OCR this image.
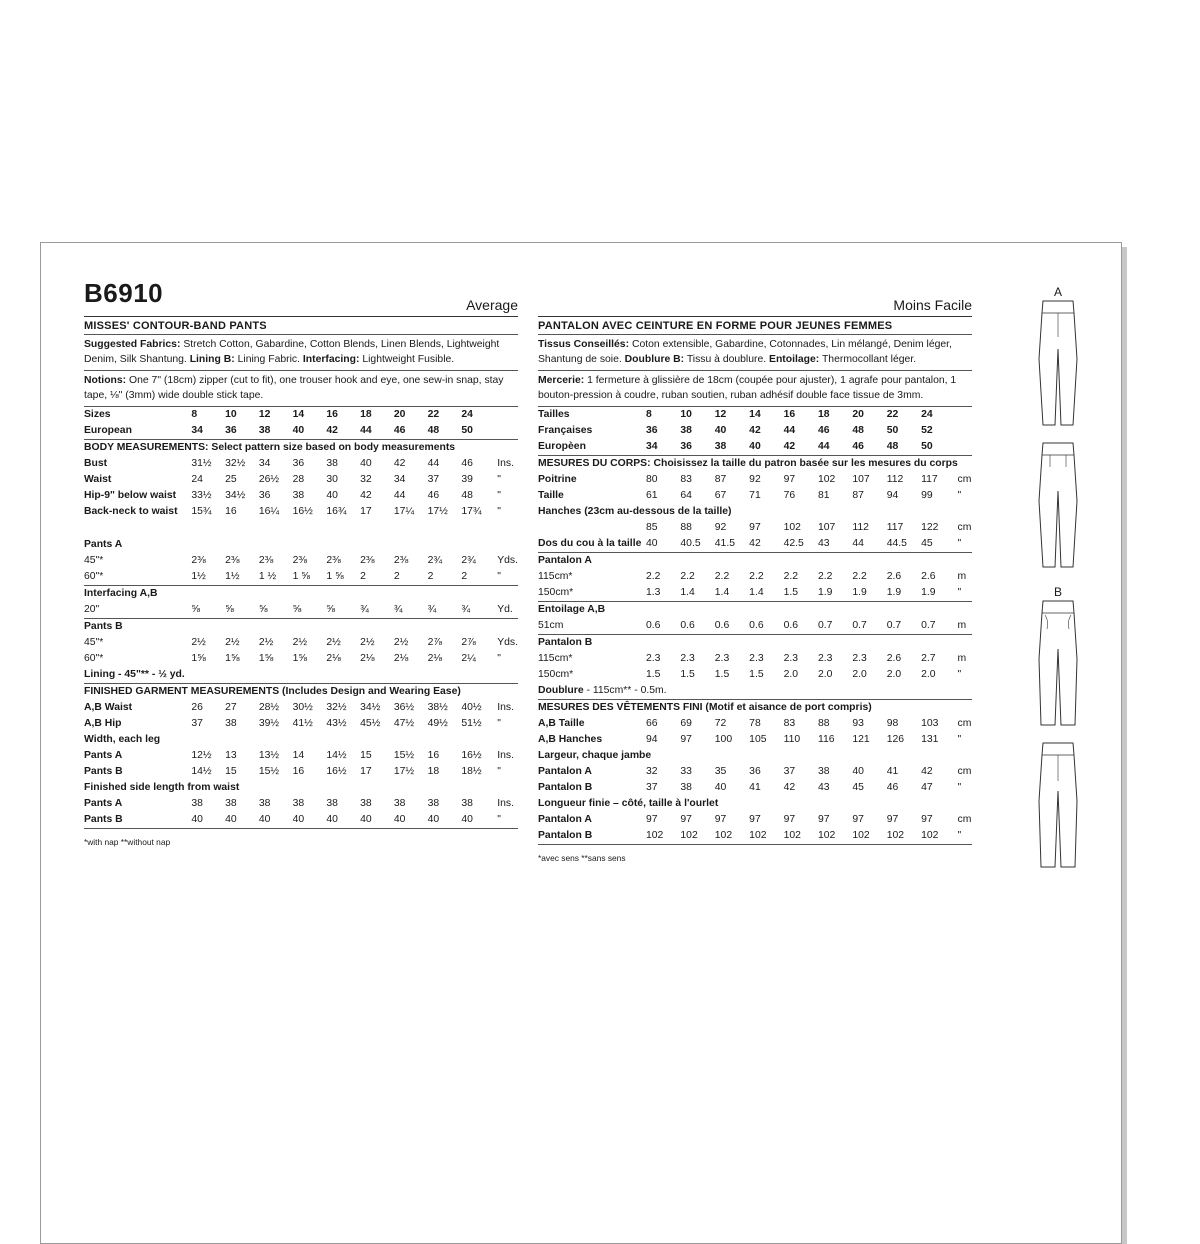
B6910	Average
MISSES' CONTOUR-BAND PANTS
Suggested Fabrics: Stretch Cotton, Gabardine, Cotton Blends, Linen Blends, Lightweight Denim, Silk Shantung. Lining B: Lining Fabric. Interfacing: Lightweight Fusible.
Notions: One 7" (18cm) zipper (cut to fit), one trouser hook and eye, one sew-in snap, stay tape, ⅛" (3mm) wide double stick tape.
Sizes	8	10	12	14	16	18	20	22	24	
European	34	36	38	40	42	44	46	48	50	
BODY MEASUREMENTS: Select pattern size based on body measurements										
Bust	31½	32½	34	36	38	40	42	44	46	Ins.
Waist	24	25	26½	28	30	32	34	37	39	"
Hip-9" below waist	33½	34½	36	38	40	42	44	46	48	"
Back-neck to waist	15¾	16	16¼	16½	16¾	17	17¼	17½	17¾	"

Pants A										
45"*	2⅜	2⅜	2⅜	2⅜	2⅜	2⅜	2⅜	2¾	2¾	Yds.
60"*	1½	1½	1 ½	1 ⅝	1 ⅝	2	2	2	2	"
Interfacing A,B										
20"	⅝	⅝	⅝	⅝	⅝	¾	¾	¾	¾	Yd.
Pants B										
45"*	2½	2½	2½	2½	2½	2½	2½	2⅞	2⅞	Yds.
60"*	1⅝	1⅝	1⅝	1⅝	2⅛	2⅛	2⅛	2⅛	2¼	"
Lining - 45"** - ½ yd.										
FINISHED GARMENT MEASUREMENTS (Includes Design and Wearing Ease)										
A,B Waist	26	27	28½	30½	32½	34½	36½	38½	40½	Ins.
A,B Hip	37	38	39½	41½	43½	45½	47½	49½	51½	"
Width, each leg										
Pants A	12½	13	13½	14	14½	15	15½	16	16½	Ins.
Pants B	14½	15	15½	16	16½	17	17½	18	18½	"
Finished side length from waist										
Pants A	38	38	38	38	38	38	38	38	38	Ins.
Pants B	40	40	40	40	40	40	40	40	40	"
*with nap **without nap
Moins Facile
PANTALON AVEC CEINTURE EN FORME POUR JEUNES FEMMES
Tissus Conseillés: Coton extensible, Gabardine, Cotonnades, Lin mélangé, Denim léger, Shantung de soie. Doublure B: Tissu à doublure. Entoilage: Thermocollant léger.
Mercerie: 1 fermeture à glissière de 18cm (coupée pour ajuster), 1 agrafe pour pantalon, 1 bouton-pression à coudre, ruban soutien, ruban adhésif double face tissue de 3mm.
Tailles	8	10	12	14	16	18	20	22	24	
Françaises	36	38	40	42	44	46	48	50	52	
Europèen	34	36	38	40	42	44	46	48	50	
MESURES DU CORPS: Choisissez la taille du patron basée sur les mesures du corps										
Poitrine	80	83	87	92	97	102	107	112	117	cm
Taille	61	64	67	71	76	81	87	94	99	"
Hanches (23cm au-dessous de la taille)										
	85	88	92	97	102	107	112	117	122	cm
Dos du cou à la taille	40	40.5	41.5	42	42.5	43	44	44.5	45	"
Pantalon A										
115cm*	2.2	2.2	2.2	2.2	2.2	2.2	2.2	2.6	2.6	m
150cm*	1.3	1.4	1.4	1.4	1.5	1.9	1.9	1.9	1.9	"
Entoilage A,B										
51cm	0.6	0.6	0.6	0.6	0.6	0.7	0.7	0.7	0.7	m
Pantalon B										
115cm*	2.3	2.3	2.3	2.3	2.3	2.3	2.3	2.6	2.7	m
150cm*	1.5	1.5	1.5	1.5	2.0	2.0	2.0	2.0	2.0	"
Doublure - 115cm** - 0.5m.										
MESURES DES VÊTEMENTS FINI (Motif et aisance de port compris)										
A,B Taille	66	69	72	78	83	88	93	98	103	cm
A,B Hanches	94	97	100	105	110	116	121	126	131	"
Largeur, chaque jambe										
Pantalon A	32	33	35	36	37	38	40	41	42	cm
Pantalon B	37	38	40	41	42	43	45	46	47	"
Longueur finie – côté, taille à l'ourlet										
Pantalon A	97	97	97	97	97	97	97	97	97	cm
Pantalon B	102	102	102	102	102	102	102	102	102	"
*avec sens **sans sens
A
B
